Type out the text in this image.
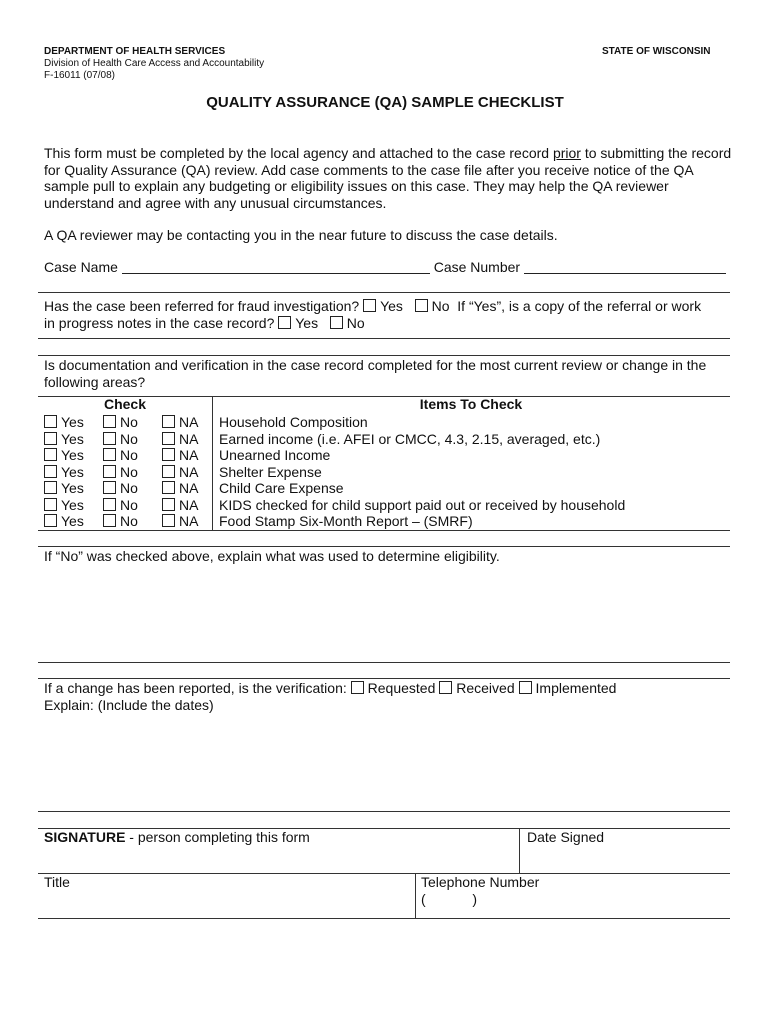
DEPARTMENT OF HEALTH SERVICES
Division of Health Care Access and Accountability
F-16011 (07/08)
STATE OF WISCONSIN
QUALITY ASSURANCE (QA) SAMPLE CHECKLIST
This form must be completed by the local agency and attached to the case record prior to submitting the record
for Quality Assurance (QA) review. Add case comments to the case file after you receive notice of the QA
sample pull to explain any budgeting or eligibility issues on this case. They may help the QA reviewer
understand and agree with any unusual circumstances.
A QA reviewer may be contacting you in the near future to discuss the case details.
Case Name	Case Number
Has the case been referred for fraud investigation? Yes No If “Yes”, is a copy of the referral or work
in progress notes in the case record? Yes No
Is documentation and verification in the case record completed for the most current review or change in the
following areas?
Check	Items To Check
Yes	No	NA Household Composition
Yes	No	NA Earned income (i.e. AFEI or CMCC, 4.3, 2.15, averaged, etc.)
Yes	No	NA Unearned Income
Yes	No	NA Shelter Expense
Yes	No	NA Child Care Expense
Yes	No	NA KIDS checked for child support paid out or received by household
Yes	No	NA Food Stamp Six-Month Report – (SMRF)
If “No” was checked above, explain what was used to determine eligibility.
If a change has been reported, is the verification: Requested Received Implemented
Explain: (Include the dates)
SIGNATURE - person completing this form	Date Signed
Title	Telephone Number
(            )
